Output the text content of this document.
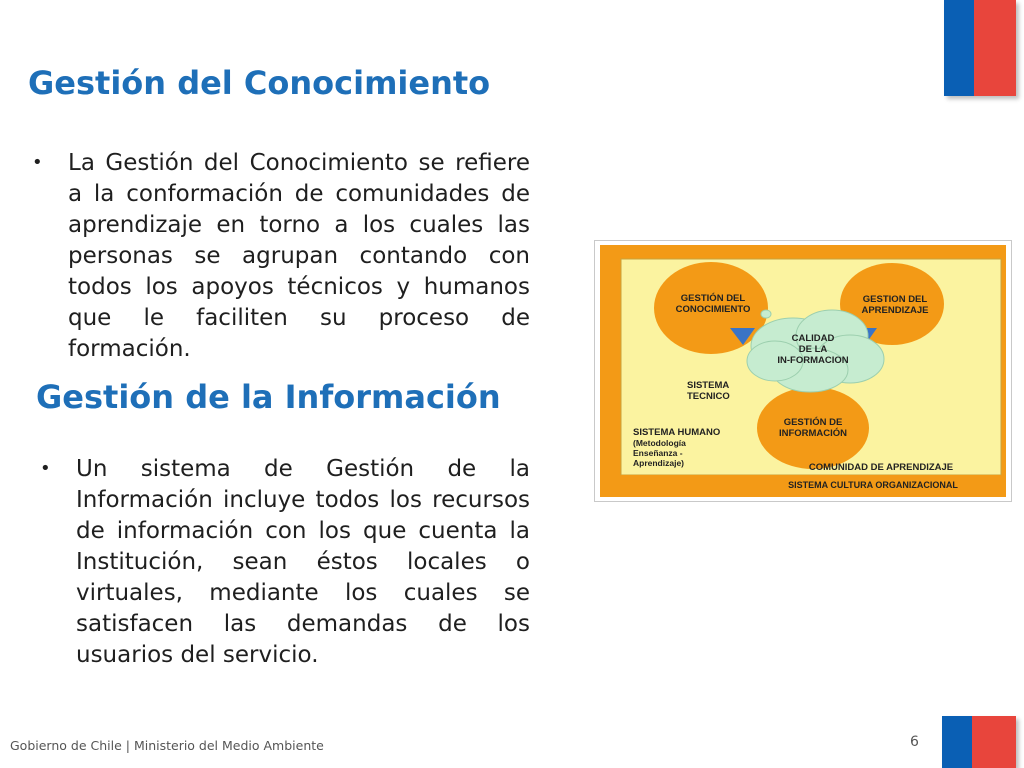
Gestión del Conocimiento
• La Gestión del Conocimiento se refiere a la conformación de comunidades de aprendizaje en torno a los cuales las personas se agrupan contando con todos los apoyos técnicos y humanos que le faciliten su proceso de formación.

Gestión de la Información
• Un sistema de Gestión de la Información incluye todos los recursos de información con los que cuenta la Institución, sean éstos locales o virtuales, mediante los cuales se satisfacen las demandas de los usuarios del servicio.

GESTIÓN DEL
CONOCIMIENTO
GESTION DEL
APRENDIZAJE
CALIDAD
DE LA
IN-FORMACION
GESTIÓN DE
INFORMACIÓN
SISTEMA
TECNICO
SISTEMA HUMANO
(Metodología
Enseñanza -
Aprendizaje)	COMUNIDAD DE APRENDIZAJE
SISTEMA CULTURA ORGANIZACIONAL
Gobierno de Chile | Ministerio del Medio Ambiente	6
